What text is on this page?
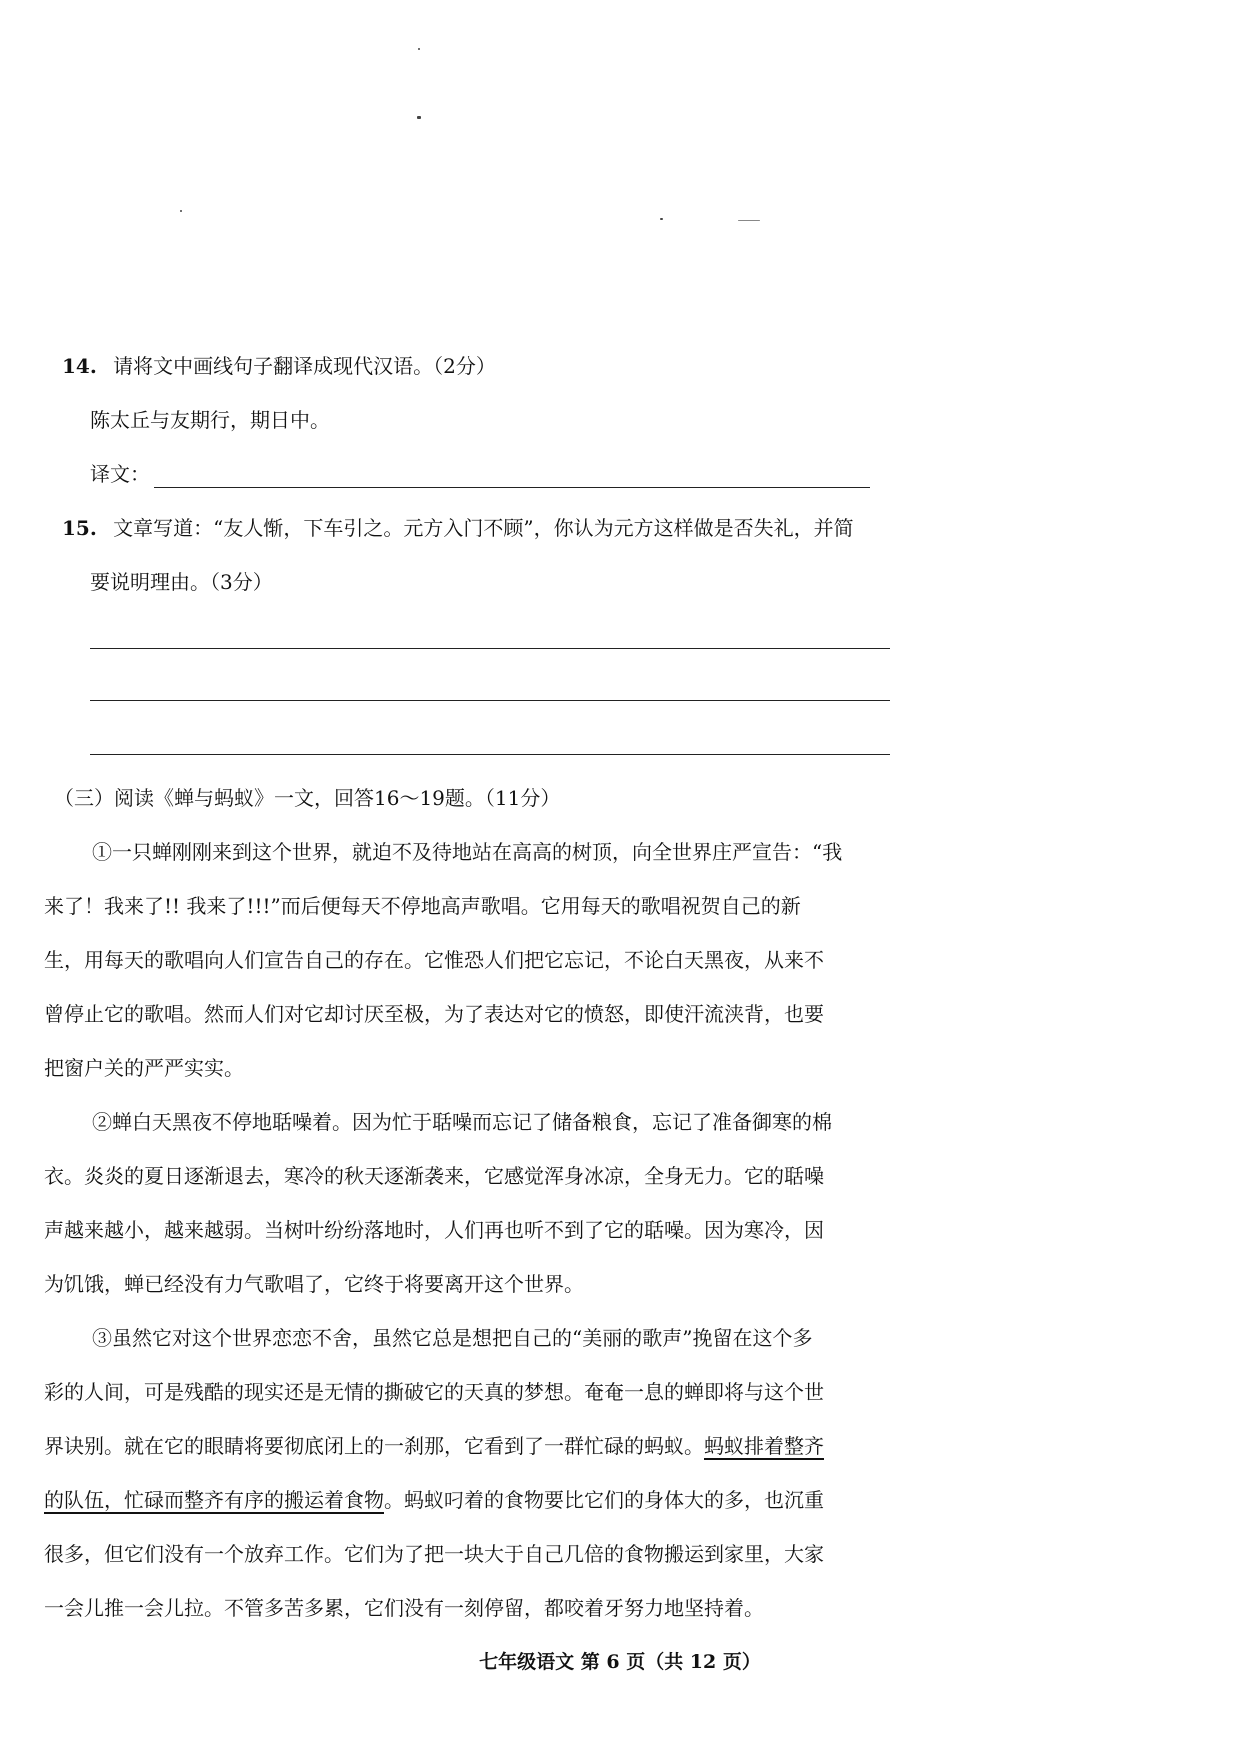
14. 请将文中画线句子翻译成现代汉语。（2分）
陈太丘与友期行，期日中。
译文：
15. 文章写道：“友人惭，下车引之。元方入门不顾”，你认为元方这样做是否失礼，并简
要说明理由。（3分）
（三）阅读《蝉与蚂蚁》一文，回答16～19题。（11分）
①一只蝉刚刚来到这个世界，就迫不及待地站在高高的树顶，向全世界庄严宣告：“我
来了！我来了!! 我来了!!!”而后便每天不停地高声歌唱。它用每天的歌唱祝贺自己的新
生，用每天的歌唱向人们宣告自己的存在。它惟恐人们把它忘记，不论白天黑夜，从来不
曾停止它的歌唱。然而人们对它却讨厌至极，为了表达对它的愤怒，即使汗流浃背，也要
把窗户关的严严实实。
②蝉白天黑夜不停地聒噪着。因为忙于聒噪而忘记了储备粮食，忘记了准备御寒的棉
衣。炎炎的夏日逐渐退去，寒冷的秋天逐渐袭来，它感觉浑身冰凉，全身无力。它的聒噪
声越来越小，越来越弱。当树叶纷纷落地时，人们再也听不到了它的聒噪。因为寒冷，因
为饥饿，蝉已经没有力气歌唱了，它终于将要离开这个世界。
③虽然它对这个世界恋恋不舍，虽然它总是想把自己的“美丽的歌声”挽留在这个多
彩的人间，可是残酷的现实还是无情的撕破它的天真的梦想。奄奄一息的蝉即将与这个世
界诀别。就在它的眼睛将要彻底闭上的一刹那，它看到了一群忙碌的蚂蚁。蚂蚁排着整齐
的队伍，忙碌而整齐有序的搬运着食物。蚂蚁叼着的食物要比它们的身体大的多，也沉重
很多，但它们没有一个放弃工作。它们为了把一块大于自己几倍的食物搬运到家里，大家
一会儿推一会儿拉。不管多苦多累，它们没有一刻停留，都咬着牙努力地坚持着。
七年级语文 第 6 页（共 12 页）
